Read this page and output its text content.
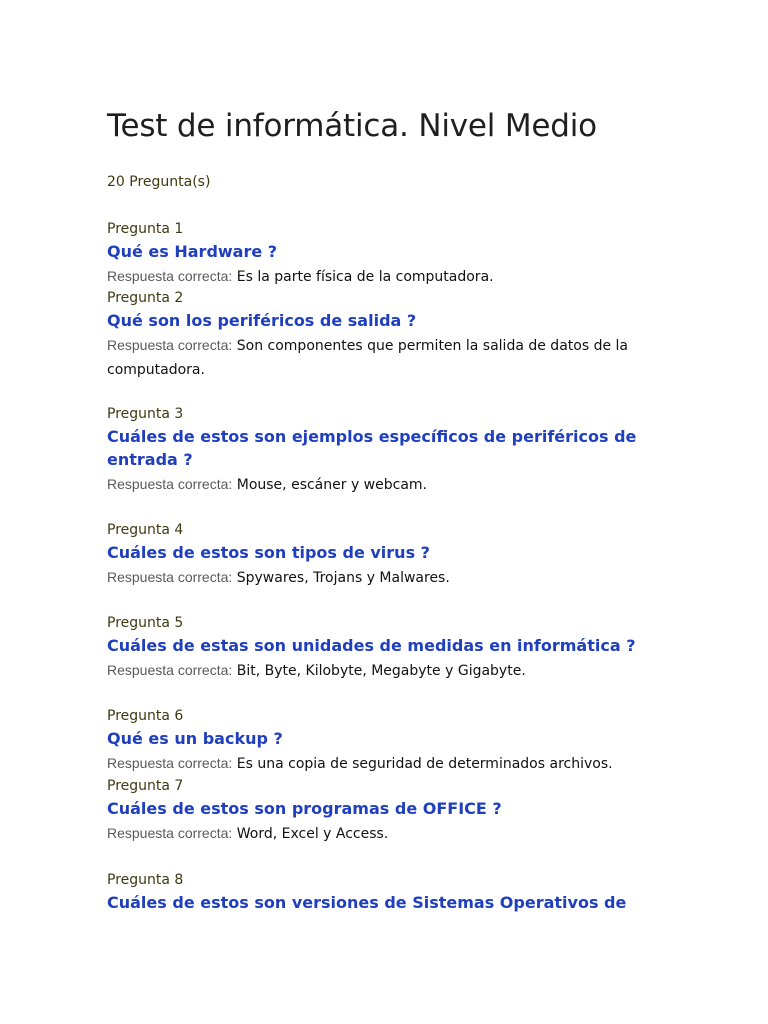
Test de informática. Nivel Medio
20 Pregunta(s)
Pregunta 1
Qué es Hardware ?
Respuesta correcta: Es la parte física de la computadora.
Pregunta 2
Qué son los periféricos de salida ?
Respuesta correcta: Son componentes que permiten la salida de datos de la computadora.
Pregunta 3
Cuáles de estos son ejemplos específicos de periféricos de entrada ?
Respuesta correcta: Mouse, escáner y webcam.
Pregunta 4
Cuáles de estos son tipos de virus ?
Respuesta correcta: Spywares, Trojans y Malwares.
Pregunta 5
Cuáles de estas son unidades de medidas en informática ?
Respuesta correcta: Bit, Byte, Kilobyte, Megabyte y Gigabyte.
Pregunta 6
Qué es un backup ?
Respuesta correcta: Es una copia de seguridad de determinados archivos.
Pregunta 7
Cuáles de estos son programas de OFFICE ?
Respuesta correcta: Word, Excel y Access.
Pregunta 8
Cuáles de estos son versiones de Sistemas Operativos de
